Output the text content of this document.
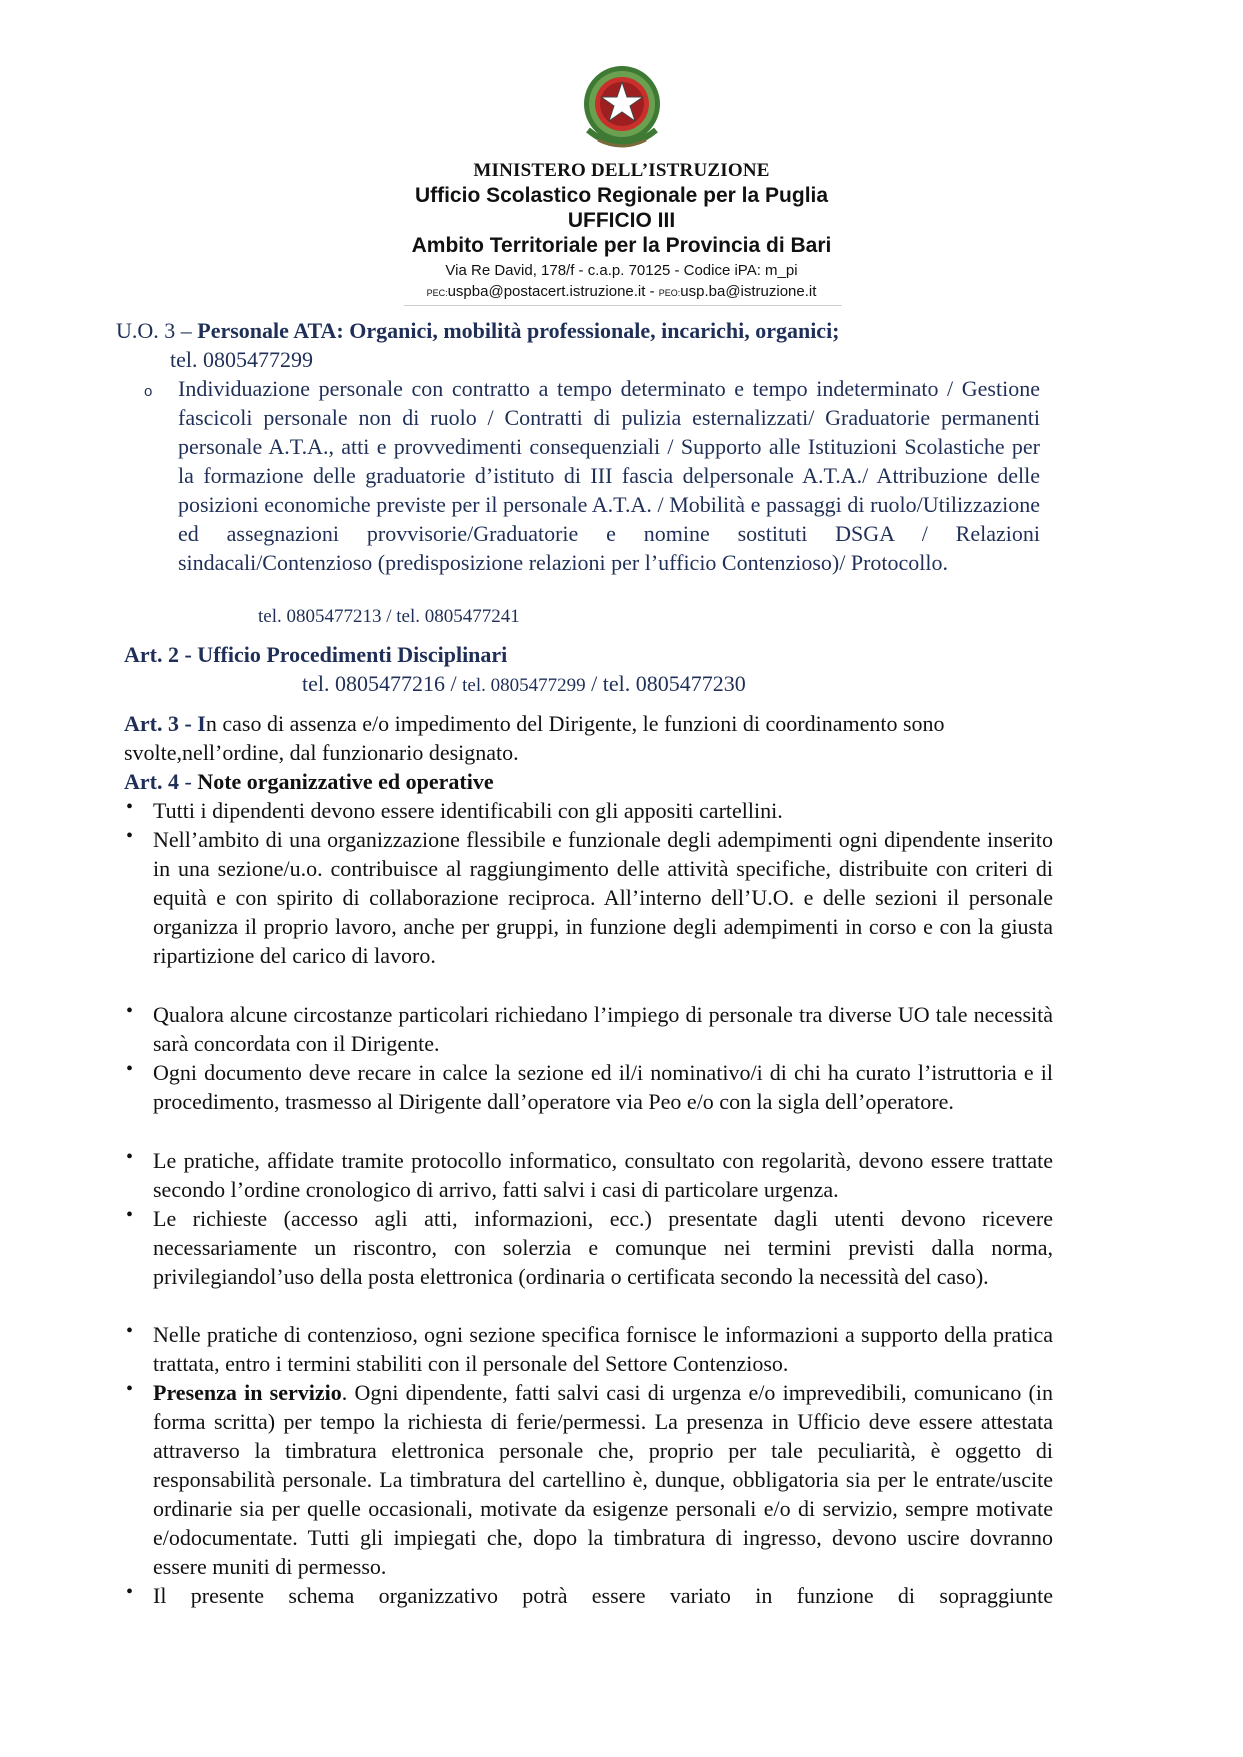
MINISTERO DELL’ISTRUZIONE
Ufficio Scolastico Regionale per la Puglia
UFFICIO III
Ambito Territoriale per la Provincia di Bari
Via Re David, 178/f - c.a.p. 70125 - Codice iPA: m_pi
PEC:uspba@postacert.istruzione.it - PEO:usp.ba@istruzione.it
U.O. 3 – Personale ATA: Organici, mobilità professionale, incarichi, organici;
tel. 0805477299
o Individuazione personale con contratto a tempo determinato e tempo indeterminato / Gestione fascicoli personale non di ruolo / Contratti di pulizia esternalizzati/ Graduatorie permanenti personale A.T.A., atti e provvedimenti consequenziali / Supporto alle Istituzioni Scolastiche per la formazione delle graduatorie d’istituto di III fascia delpersonale A.T.A./ Attribuzione delle posizioni economiche previste per il personale A.T.A. / Mobilità e passaggi di ruolo/Utilizzazione ed assegnazioni provvisorie/Graduatorie e nomine sostituti DSGA / Relazioni sindacali/Contenzioso (predisposizione relazioni per l’ufficio Contenzioso)/ Protocollo.
tel. 0805477213 / tel. 0805477241
Art. 2 - Ufficio Procedimenti Disciplinari
tel. 0805477216 / tel. 0805477299 / tel. 0805477230
Art. 3 - In caso di assenza e/o impedimento del Dirigente, le funzioni di coordinamento sono svolte,nell’ordine, dal funzionario designato.
Art. 4 - Note organizzative ed operative
• Tutti i dipendenti devono essere identificabili con gli appositi cartellini.
• Nell’ambito di una organizzazione flessibile e funzionale degli adempimenti ogni dipendente inserito in una sezione/u.o. contribuisce al raggiungimento delle attività specifiche, distribuite con criteri di equità e con spirito di collaborazione reciproca. All’interno dell’U.O. e delle sezioni il personale organizza il proprio lavoro, anche per gruppi, in funzione degli adempimenti in corso e con la giusta ripartizione del carico di lavoro.
• Qualora alcune circostanze particolari richiedano l’impiego di personale tra diverse UO tale necessità sarà concordata con il Dirigente.
• Ogni documento deve recare in calce la sezione ed il/i nominativo/i di chi ha curato l’istruttoria e il procedimento, trasmesso al Dirigente dall’operatore via Peo e/o con la sigla dell’operatore.
• Le pratiche, affidate tramite protocollo informatico, consultato con regolarità, devono essere trattate secondo l’ordine cronologico di arrivo, fatti salvi i casi di particolare urgenza.
• Le richieste (accesso agli atti, informazioni, ecc.) presentate dagli utenti devono ricevere necessariamente un riscontro, con solerzia e comunque nei termini previsti dalla norma, privilegiandol’uso della posta elettronica (ordinaria o certificata secondo la necessità del caso).
• Nelle pratiche di contenzioso, ogni sezione specifica fornisce le informazioni a supporto della pratica trattata, entro i termini stabiliti con il personale del Settore Contenzioso.
• Presenza in servizio. Ogni dipendente, fatti salvi casi di urgenza e/o imprevedibili, comunicano (in forma scritta) per tempo la richiesta di ferie/permessi. La presenza in Ufficio deve essere attestata attraverso la timbratura elettronica personale che, proprio per tale peculiarità, è oggetto di responsabilità personale. La timbratura del cartellino è, dunque, obbligatoria sia per le entrate/uscite ordinarie sia per quelle occasionali, motivate da esigenze personali e/o di servizio, sempre motivate e/odocumentate. Tutti gli impiegati che, dopo la timbratura di ingresso, devono uscire dovranno essere muniti di permesso.
• Il presente schema organizzativo potrà essere variato in funzione di sopraggiunte
